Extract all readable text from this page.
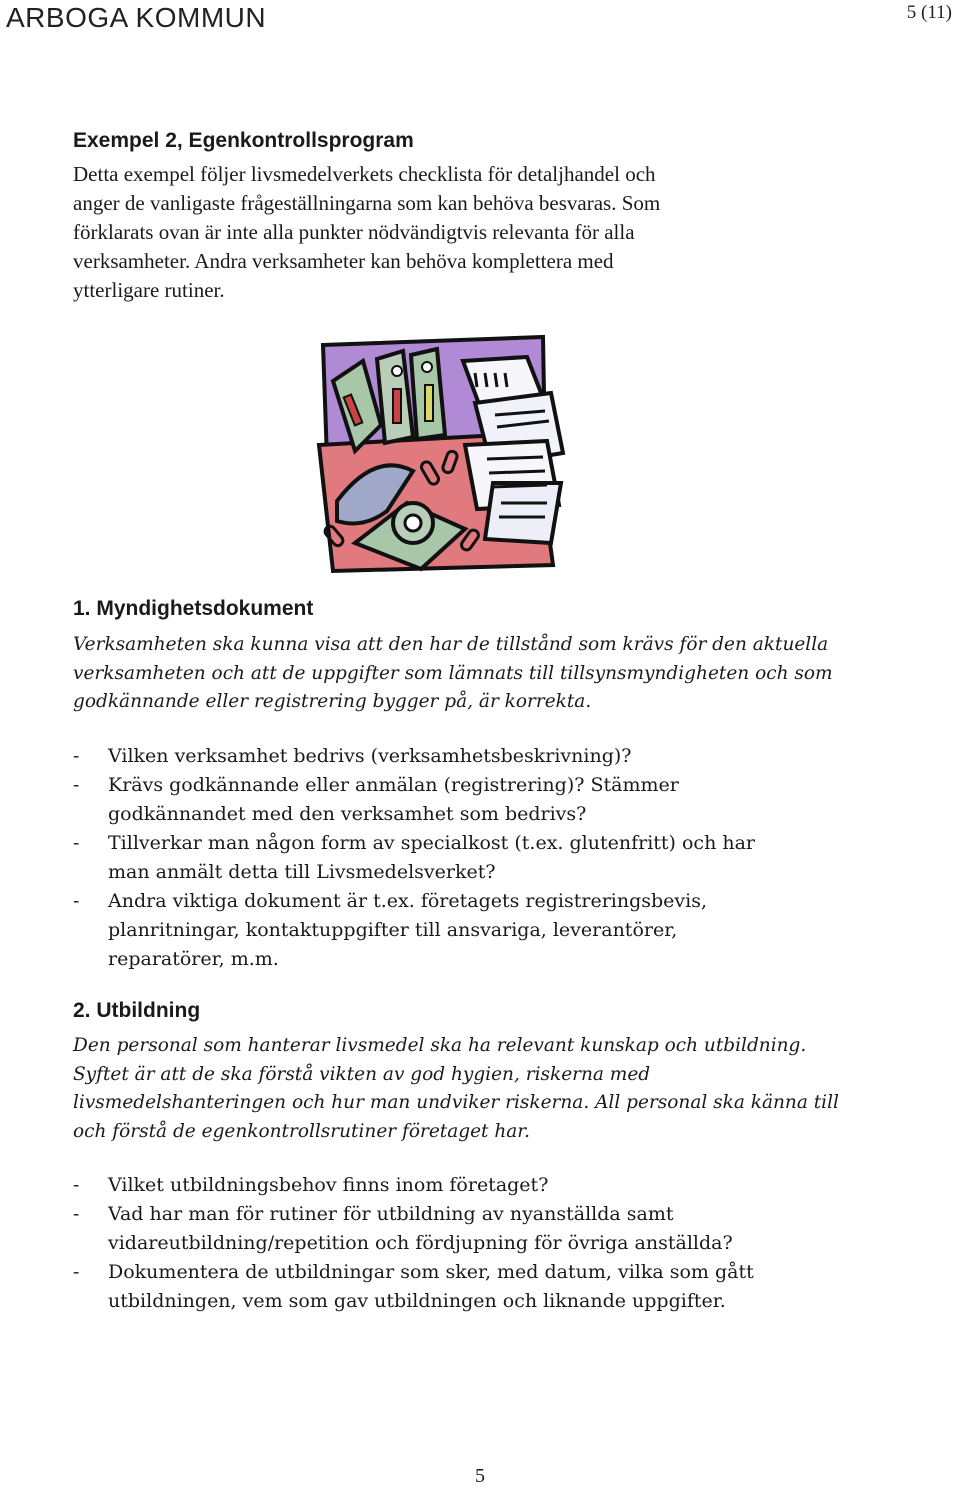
ARBOGA KOMMUN	5 (11)
Exempel 2, Egenkontrollsprogram
Detta exempel följer livsmedelverkets checklista för detaljhandel och
anger de vanligaste frågeställningarna som kan behöva besvaras. Som
förklarats ovan är inte alla punkter nödvändigtvis relevanta för alla
verksamheter. Andra verksamheter kan behöva komplettera med
ytterligare rutiner.
1. Myndighetsdokument
Verksamheten ska kunna visa att den har de tillstånd som krävs för den aktuella
verksamheten och att de uppgifter som lämnats till tillsynsmyndigheten och som
godkännande eller registrering bygger på, är korrekta.
- Vilken verksamhet bedrivs (verksamhetsbeskrivning)?
- Krävs godkännande eller anmälan (registrering)? Stämmer
godkännandet med den verksamhet som bedrivs?
- Tillverkar man någon form av specialkost (t.ex. glutenfritt) och har
man anmält detta till Livsmedelsverket?
- Andra viktiga dokument är t.ex. företagets registreringsbevis,
planritningar, kontaktuppgifter till ansvariga, leverantörer,
reparatörer, m.m.
2. Utbildning
Den personal som hanterar livsmedel ska ha relevant kunskap och utbildning.
Syftet är att de ska förstå vikten av god hygien, riskerna med
livsmedelshanteringen och hur man undviker riskerna. All personal ska känna till
och förstå de egenkontrollsrutiner företaget har.
- Vilket utbildningsbehov finns inom företaget?
- Vad har man för rutiner för utbildning av nyanställda samt
vidareutbildning/repetition och fördjupning för övriga anställda?
- Dokumentera de utbildningar som sker, med datum, vilka som gått
utbildningen, vem som gav utbildningen och liknande uppgifter.
5
